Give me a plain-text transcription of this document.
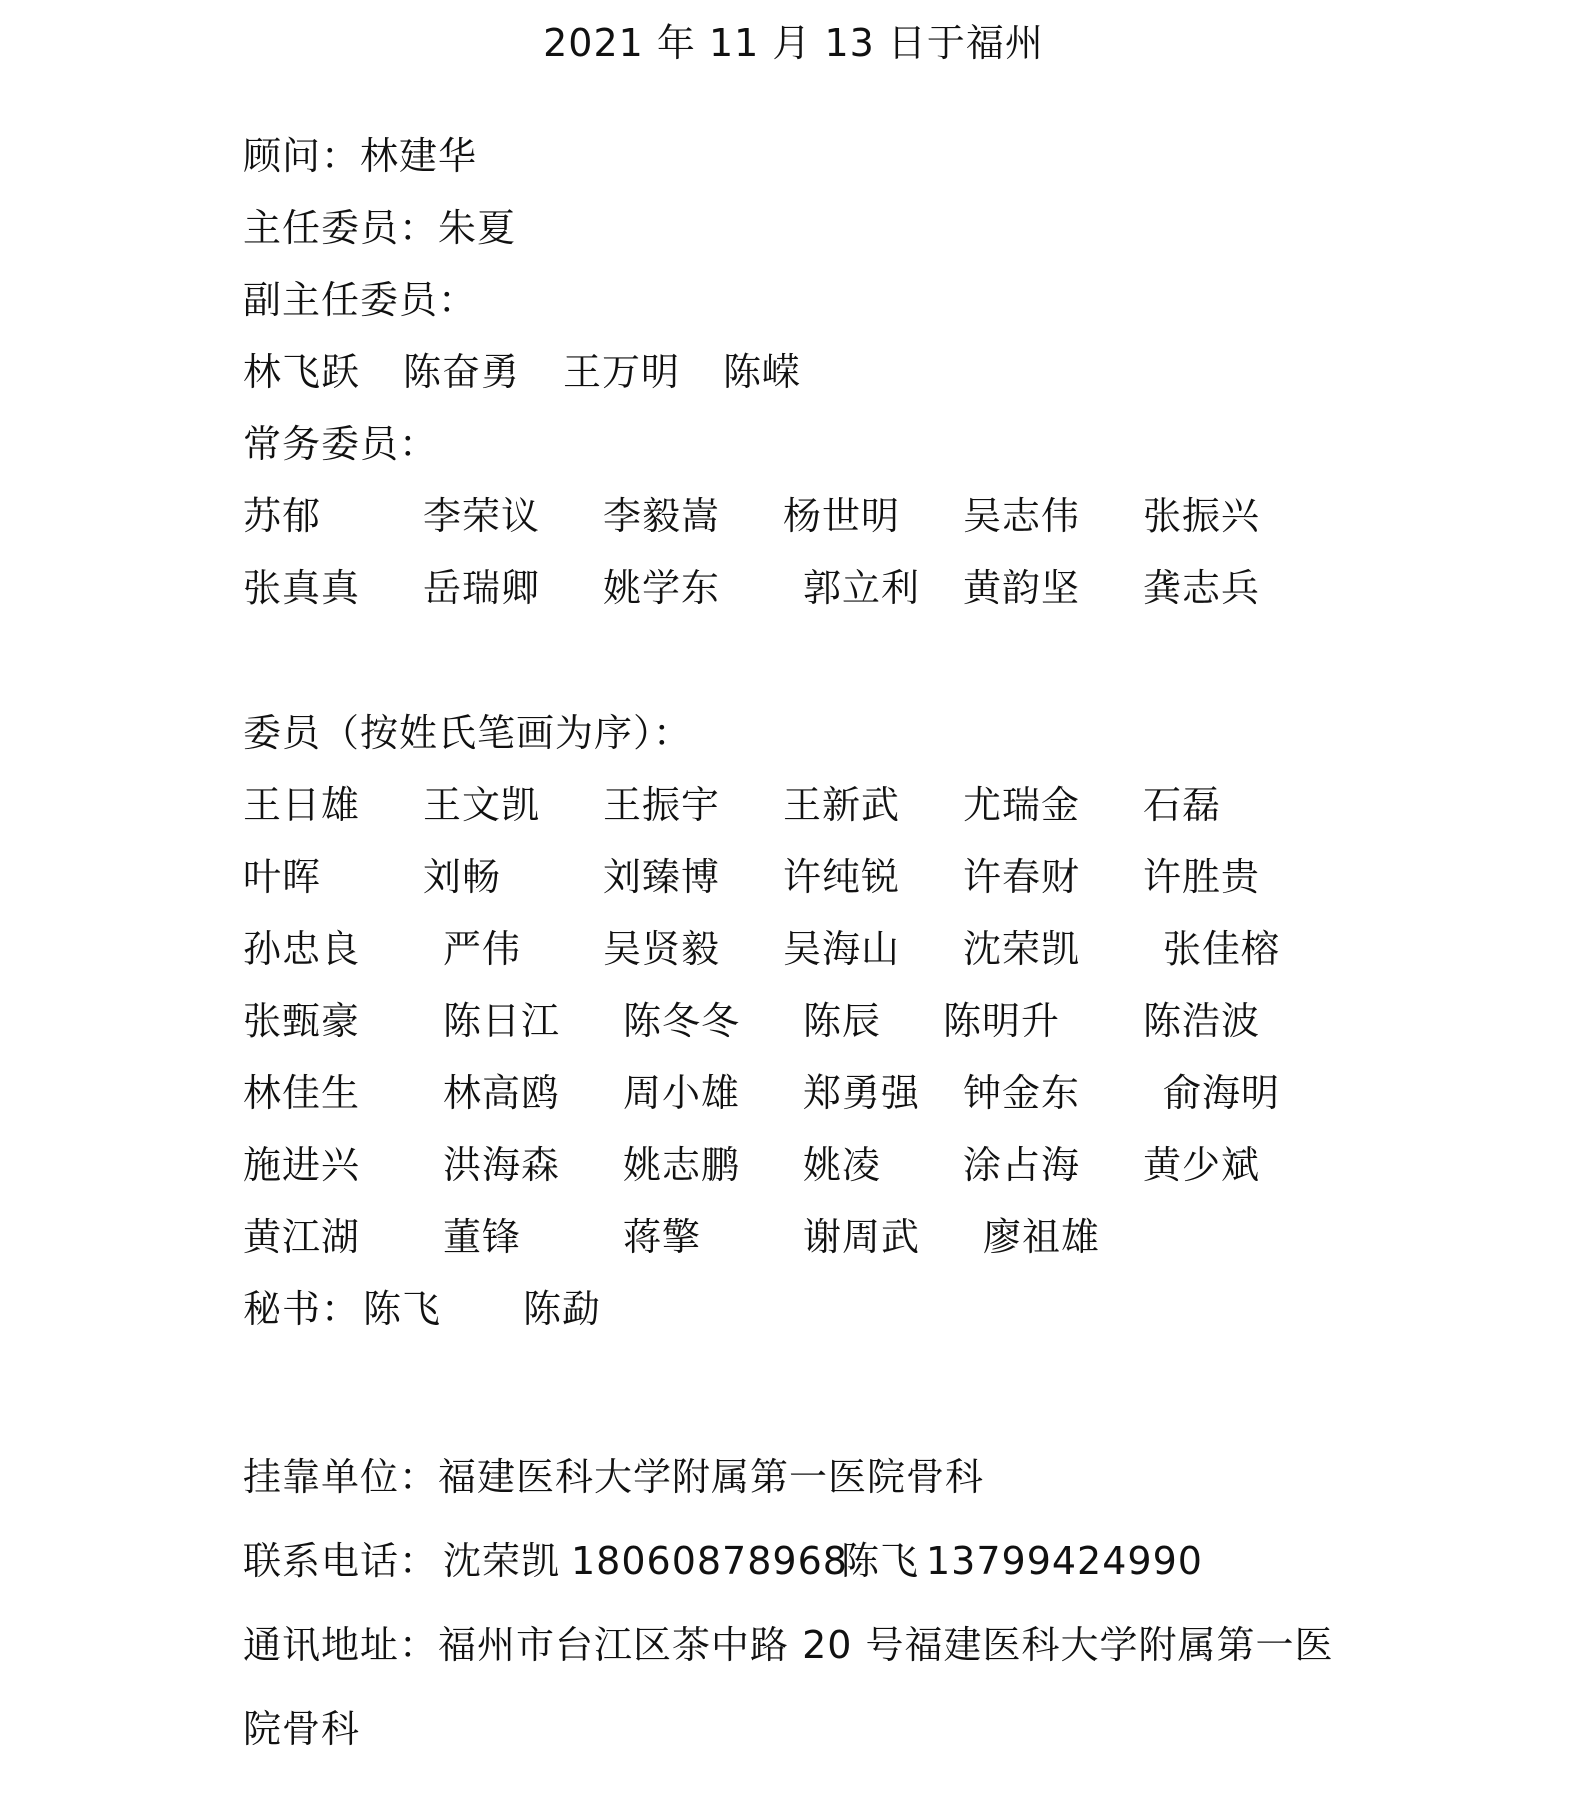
2021 年 11 月 13 日于福州
顾问：林建华
主任委员：朱夏
副主任委员：
林飞跃 陈奋勇 王万明 陈嵘
常务委员：
苏郁	李荣议 李毅嵩 杨世明 吴志伟 张振兴
张真真 岳瑞卿 姚学东 郭立利 黄韵坚 龚志兵
委员（按姓氏笔画为序）：
王日雄 王文凯 王振宇 王新武 尤瑞金 石磊
叶晖	刘畅	刘臻博 许纯锐 许春财 许胜贵
孙忠良 严伟 吴贤毅 吴海山 沈荣凯 张佳榕
张甄豪 陈日江 陈冬冬 陈辰 陈明升 陈浩波
林佳生 林高鸥 周小雄 郑勇强 钟金东 俞海明
施进兴 洪海森 姚志鹏 姚凌 涂占海 黄少斌
黄江湖 董锋	蒋擎	谢周武 廖祖雄
秘书： 陈飞 陈勐
挂靠单位：福建医科大学附属第一医院骨科
联系电话： 沈荣凯 18060878968
陈飞 13799424990
通讯地址：福州市台江区茶中路 20 号福建医科大学附属第一医
院骨科
